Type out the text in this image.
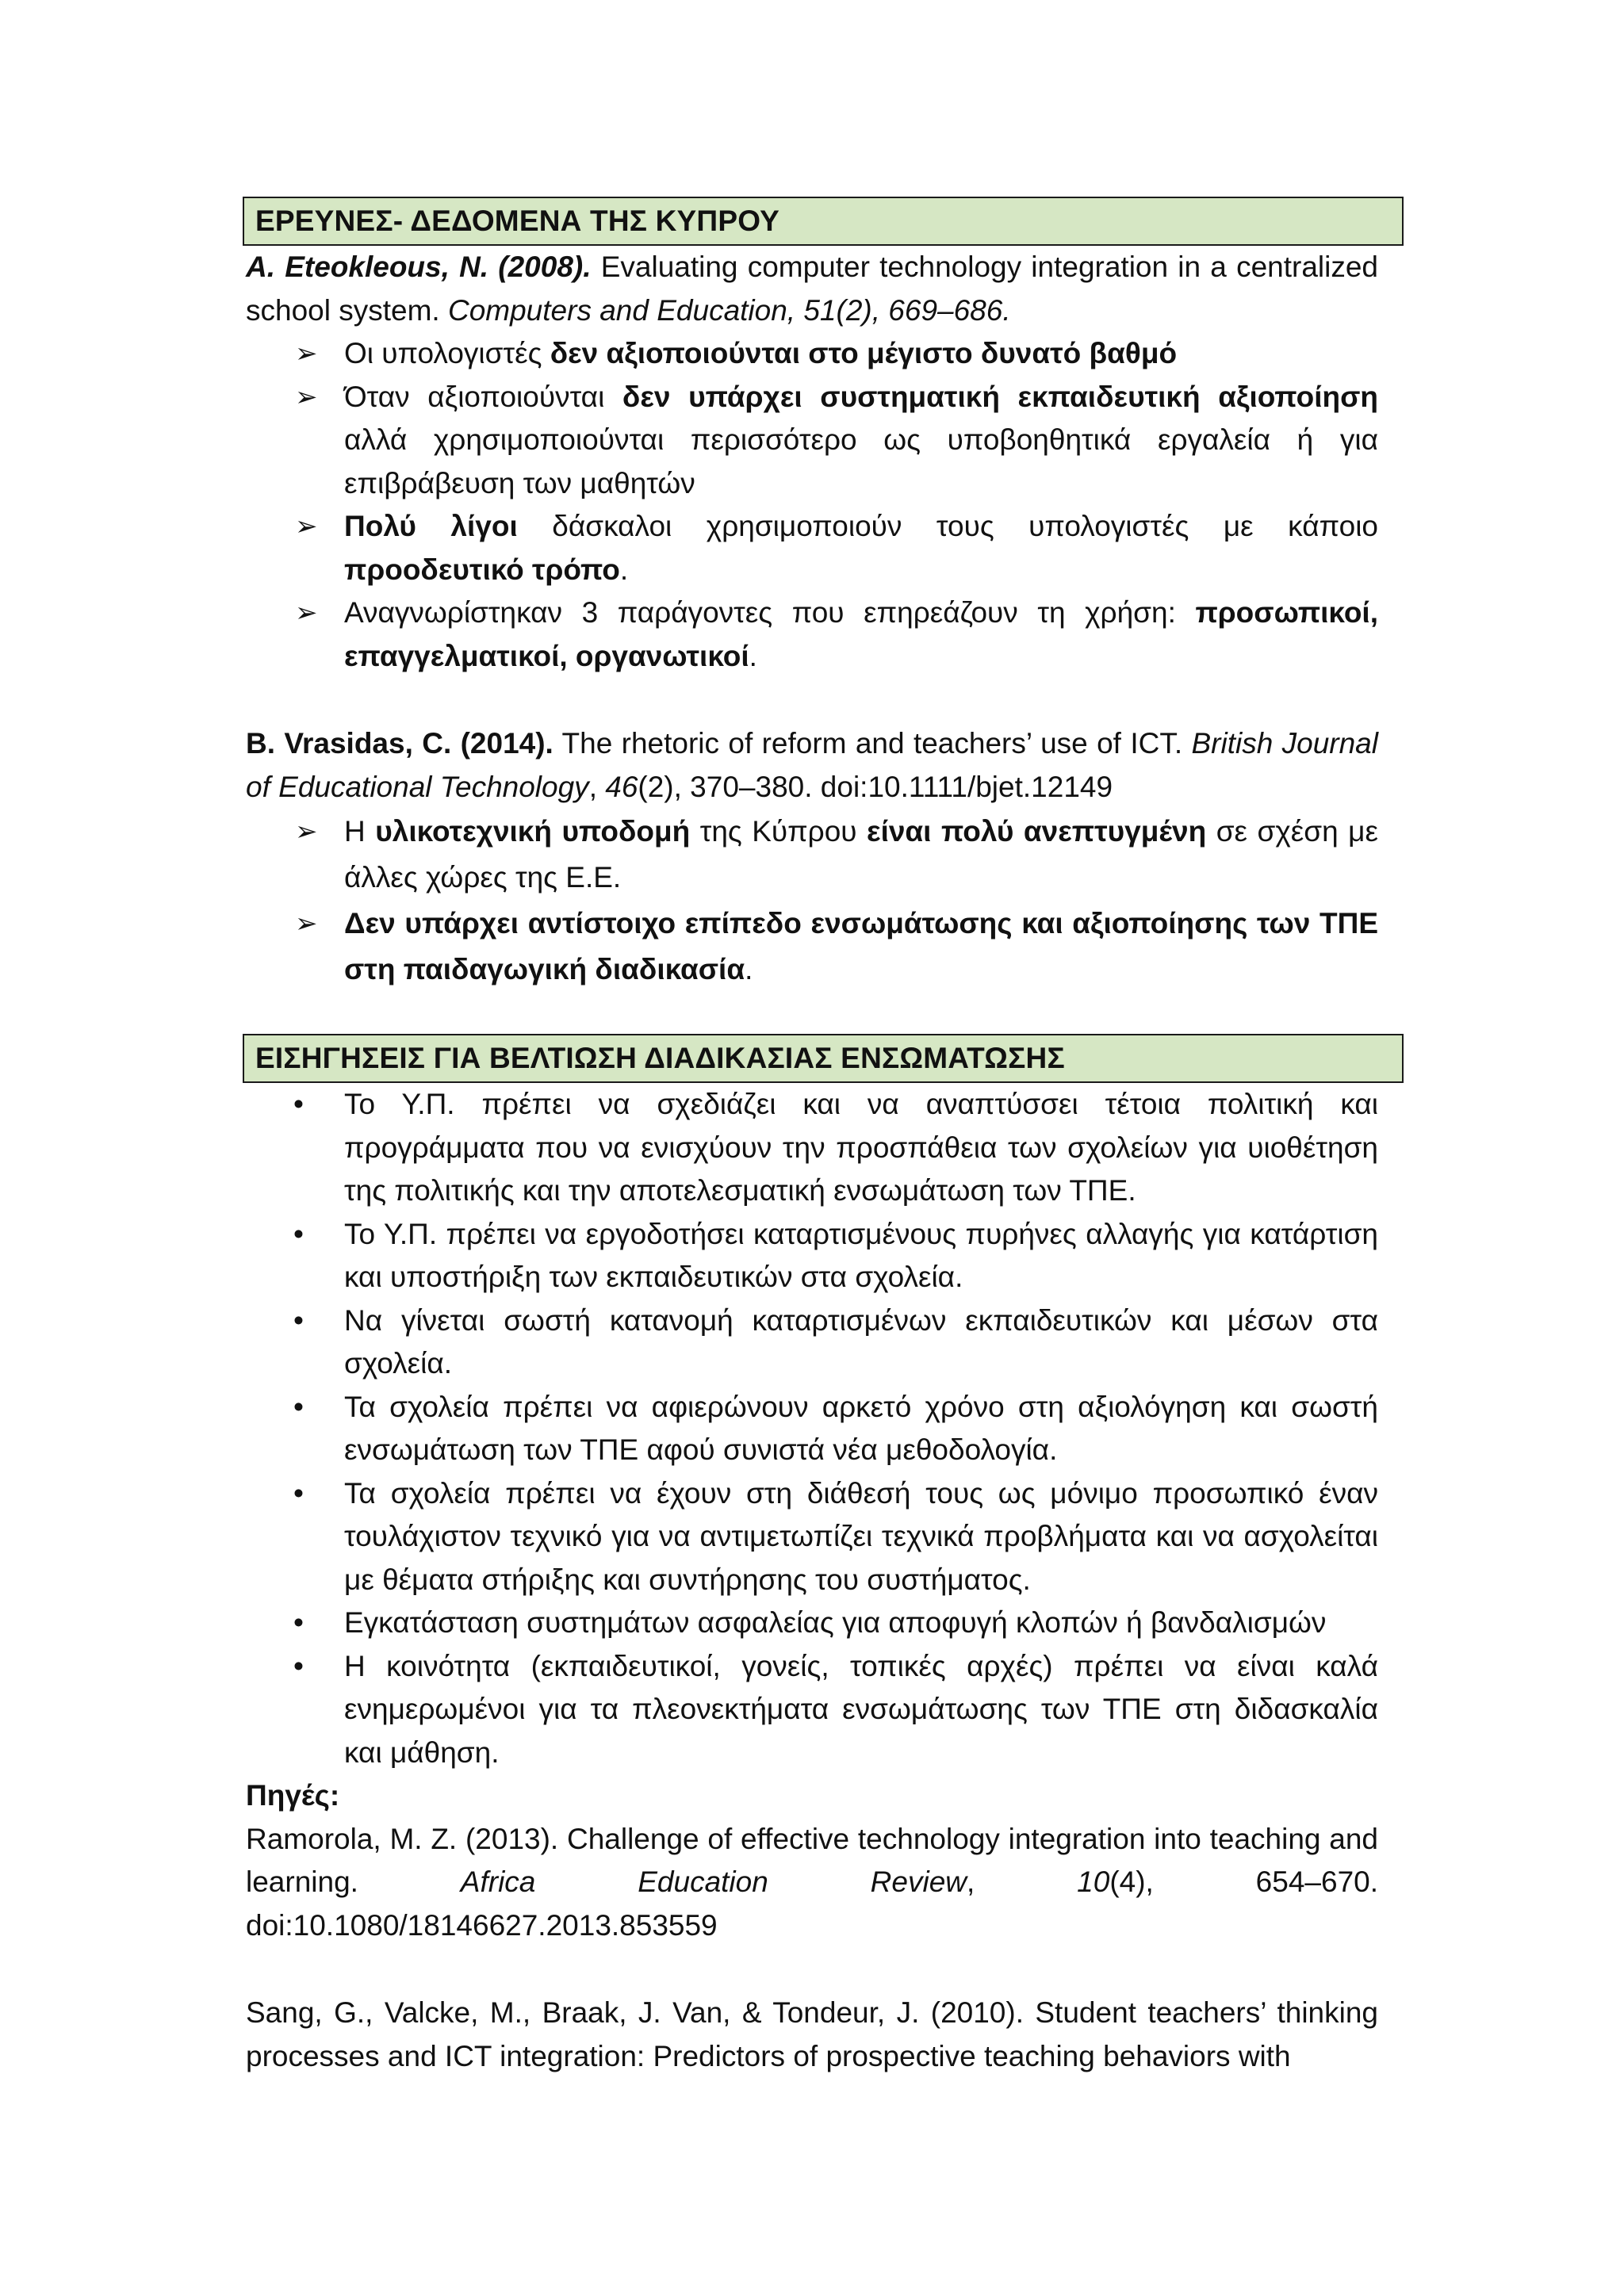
ΕΡΕΥΝΕΣ- ΔΕΔΟΜΕΝΑ ΤΗΣ ΚΥΠΡΟΥ
A. Eteokleous, N. (2008). Evaluating computer technology integration in a centralized school system. Computers and Education, 51(2), 669–686.
➢ Οι υπολογιστές δεν αξιοποιούνται στο μέγιστο δυνατό βαθμό
➢ Όταν αξιοποιούνται δεν υπάρχει συστηματική εκπαιδευτική αξιοποίηση αλλά χρησιμοποιούνται περισσότερο ως υποβοηθητικά εργαλεία ή για επιβράβευση των μαθητών
➢ Πολύ λίγοι δάσκαλοι χρησιμοποιούν τους υπολογιστές με κάποιο προοδευτικό τρόπο.
➢ Αναγνωρίστηκαν 3 παράγοντες που επηρεάζουν τη χρήση: προσωπικοί, επαγγελματικοί, οργανωτικοί.
B. Vrasidas, C. (2014). The rhetoric of reform and teachers’ use of ICT. British Journal of Educational Technology, 46(2), 370–380. doi:10.1111/bjet.12149
➢ Η υλικοτεχνική υποδομή της Κύπρου είναι πολύ ανεπτυγμένη σε σχέση με άλλες χώρες της Ε.Ε.
➢ Δεν υπάρχει αντίστοιχο επίπεδο ενσωμάτωσης και αξιοποίησης των ΤΠΕ στη παιδαγωγική διαδικασία.
ΕΙΣΗΓΗΣΕΙΣ ΓΙΑ ΒΕΛΤΙΩΣΗ ΔΙΑΔΙΚΑΣΙΑΣ ΕΝΣΩΜΑΤΩΣΗΣ
• Το Υ.Π. πρέπει να σχεδιάζει και να αναπτύσσει τέτοια πολιτική και προγράμματα που να ενισχύουν την προσπάθεια των σχολείων για υιοθέτηση της πολιτικής και την αποτελεσματική ενσωμάτωση των ΤΠΕ.
• Το Υ.Π. πρέπει να εργοδοτήσει καταρτισμένους πυρήνες αλλαγής για κατάρτιση και υποστήριξη των εκπαιδευτικών στα σχολεία.
• Να γίνεται σωστή κατανομή καταρτισμένων εκπαιδευτικών και μέσων στα σχολεία.
• Τα σχολεία πρέπει να αφιερώνουν αρκετό χρόνο στη αξιολόγηση και σωστή ενσωμάτωση των ΤΠΕ αφού συνιστά νέα μεθοδολογία.
• Τα σχολεία πρέπει να έχουν στη διάθεσή τους ως μόνιμο προσωπικό έναν τουλάχιστον τεχνικό για να αντιμετωπίζει τεχνικά προβλήματα και να ασχολείται με θέματα στήριξης και συντήρησης του συστήματος.
• Εγκατάσταση συστημάτων ασφαλείας για αποφυγή κλοπών ή βανδαλισμών
• Η κοινότητα (εκπαιδευτικοί, γονείς, τοπικές αρχές) πρέπει να είναι καλά ενημερωμένοι για τα πλεονεκτήματα ενσωμάτωσης των ΤΠΕ στη διδασκαλία και μάθηση.
Πηγές:
Ramorola, M. Z. (2013). Challenge of effective technology integration into teaching and learning. Africa Education Review, 10(4), 654–670. doi:10.1080/18146627.2013.853559
Sang, G., Valcke, M., Braak, J. Van, & Tondeur, J. (2010). Student teachers’ thinking processes and ICT integration: Predictors of prospective teaching behaviors with
